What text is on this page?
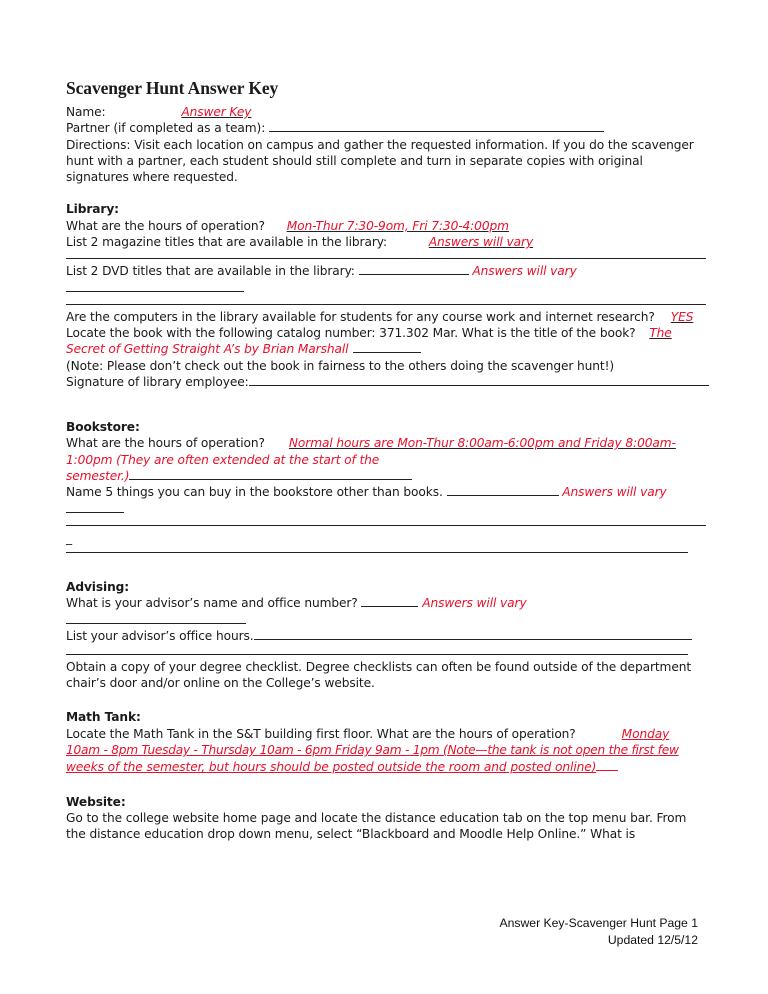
Scavenger Hunt Answer Key
Name:	Answer Key
Partner (if completed as a team):
Directions: Visit each location on campus and gather the requested information. If you do the scavenger hunt with a partner, each student should still complete and turn in separate copies with original signatures where requested.
Library:
What are the hours of operation? Mon-Thur 7:30-9om, Fri 7:30-4:00pm
List 2 magazine titles that are available in the library:	Answers will vary
List 2 DVD titles that are available in the library:	Answers will vary
Are the computers in the library available for students for any course work and internet research? YES
Locate the book with the following catalog number: 371.302 Mar. What is the title of the book? The
Secret of Getting Straight A’s by Brian Marshall
(Note: Please don’t check out the book in fairness to the others doing the scavenger hunt!)
Signature of library employee:
Bookstore:
What are the hours of operation? Normal hours are Mon-Thur 8:00am-6:00pm and Friday 8:00am-
1:00pm (They are often extended at the start of the
semester.)
Name 5 things you can buy in the bookstore other than books.	Answers will vary
_
Advising:
What is your advisor’s name and office number?	Answers will vary
List your advisor’s office hours.
Obtain a copy of your degree checklist. Degree checklists can often be found outside of the department chair’s door and/or online on the College’s website.
Math Tank:
Locate the Math Tank in the S&T building first floor. What are the hours of operation?	Monday
10am - 8pm Tuesday - Thursday 10am - 6pm Friday 9am - 1pm (Note—the tank is not open the first few
weeks of the semester, but hours should be posted outside the room and posted online)
Website:
Go to the college website home page and locate the distance education tab on the top menu bar. From the distance education drop down menu, select “Blackboard and Moodle Help Online.” What is
Answer Key-Scavenger Hunt Page 1
Updated 12/5/12
